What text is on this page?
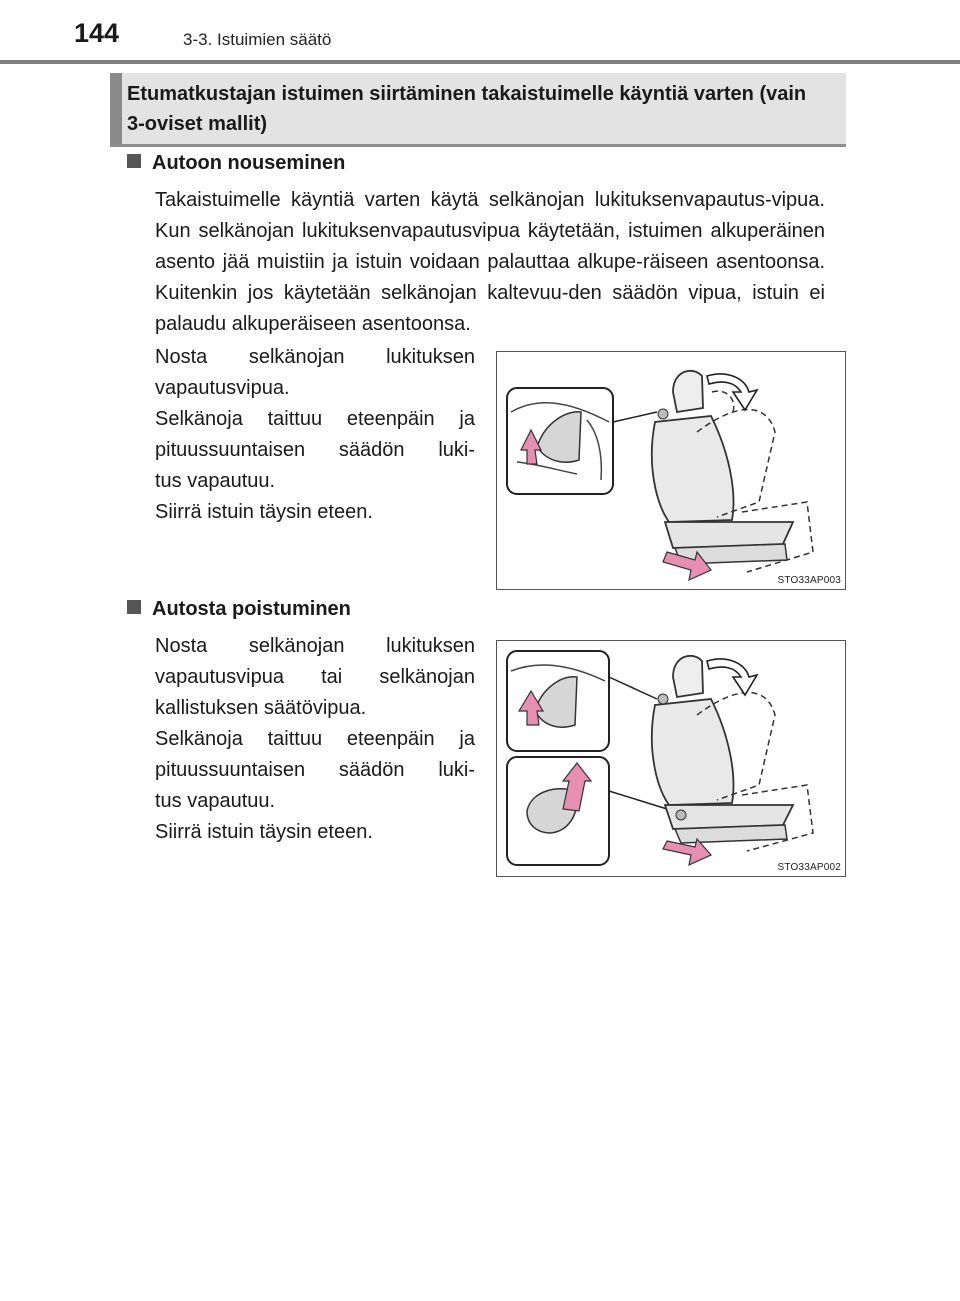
144	3-3. Istuimien säätö
Etumatkustajan istuimen siirtäminen takaistuimelle käyntiä varten (vain 3-oviset mallit)
Autoon nouseminen

Takaistuimelle käyntiä varten käytä selkänojan lukituksenvapautus-vipua. Kun selkänojan lukituksenvapautusvipua käytetään, istuimen alkuperäinen asento jää muistiin ja istuin voidaan palauttaa alkupe-räiseen asentoonsa. Kuitenkin jos käytetään selkänojan kaltevuu-den säädön vipua, istuin ei palaudu alkuperäiseen asentoonsa.

Nosta selkänojan lukituksen

vapautusvipua.

Selkänoja taittuu eteenpäin ja

pituussuuntaisen säädön luki-

tus vapautuu.

Siirrä istuin täysin eteen.

STO33AP003
Autosta poistuminen

Nosta selkänojan lukituksen

vapautusvipua tai selkänojan

kallistuksen säätövipua.

Selkänoja taittuu eteenpäin ja

pituussuuntaisen säädön luki-

tus vapautuu.

Siirrä istuin täysin eteen.

STO33AP002
